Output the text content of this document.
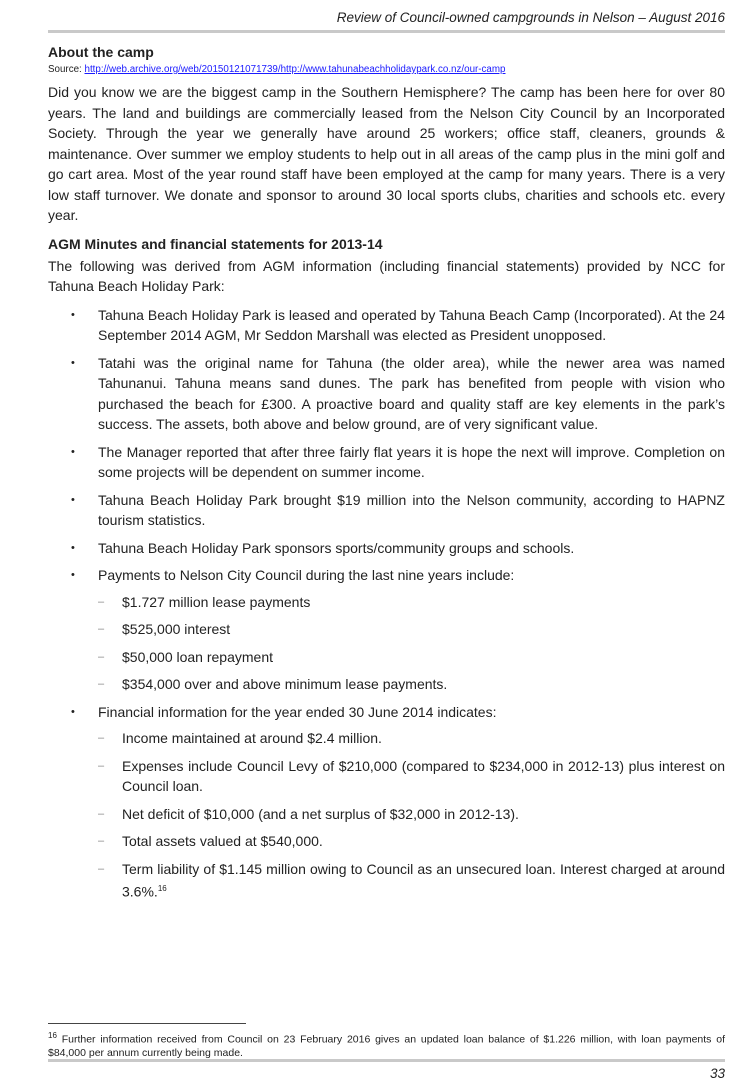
Review of Council-owned campgrounds in Nelson – August 2016
About the camp
Source: http://web.archive.org/web/20150121071739/http://www.tahunabeachholidaypark.co.nz/our-camp

Did you know we are the biggest camp in the Southern Hemisphere? The camp has been here for over 80 years. The land and buildings are commercially leased from the Nelson City Council by an Incorporated Society. Through the year we generally have around 25 workers; office staff, cleaners, grounds & maintenance. Over summer we employ students to help out in all areas of the camp plus in the mini golf and go cart area. Most of the year round staff have been employed at the camp for many years. There is a very low staff turnover. We donate and sponsor to around 30 local sports clubs, charities and schools etc. every year.

AGM Minutes and financial statements for 2013-14

The following was derived from AGM information (including financial statements) provided by NCC for Tahuna Beach Holiday Park:

• Tahuna Beach Holiday Park is leased and operated by Tahuna Beach Camp (Incorporated). At the 24 September 2014 AGM, Mr Seddon Marshall was elected as President unopposed.
• Tatahi was the original name for Tahuna (the older area), while the newer area was named Tahunanui. Tahuna means sand dunes. The park has benefited from people with vision who purchased the beach for £300. A proactive board and quality staff are key elements in the park’s success. The assets, both above and below ground, are of very significant value.
• The Manager reported that after three fairly flat years it is hope the next will improve. Completion on some projects will be dependent on summer income.
• Tahuna Beach Holiday Park brought $19 million into the Nelson community, according to HAPNZ tourism statistics.
• Tahuna Beach Holiday Park sponsors sports/community groups and schools.
• Payments to Nelson City Council during the last nine years include:
– $1.727 million lease payments
– $525,000 interest
– $50,000 loan repayment
– $354,000 over and above minimum lease payments.
• Financial information for the year ended 30 June 2014 indicates:
– Income maintained at around $2.4 million.
– Expenses include Council Levy of $210,000 (compared to $234,000 in 2012-13) plus interest on Council loan.
– Net deficit of $10,000 (and a net surplus of $32,000 in 2012-13).
– Total assets valued at $540,000.
– Term liability of $1.145 million owing to Council as an unsecured loan. Interest charged at around 3.6%.$^{16}$
$^{16}$ Further information received from Council on 23 February 2016 gives an updated loan balance of $1.226 million, with loan payments of $84,000 per annum currently being made.
33
